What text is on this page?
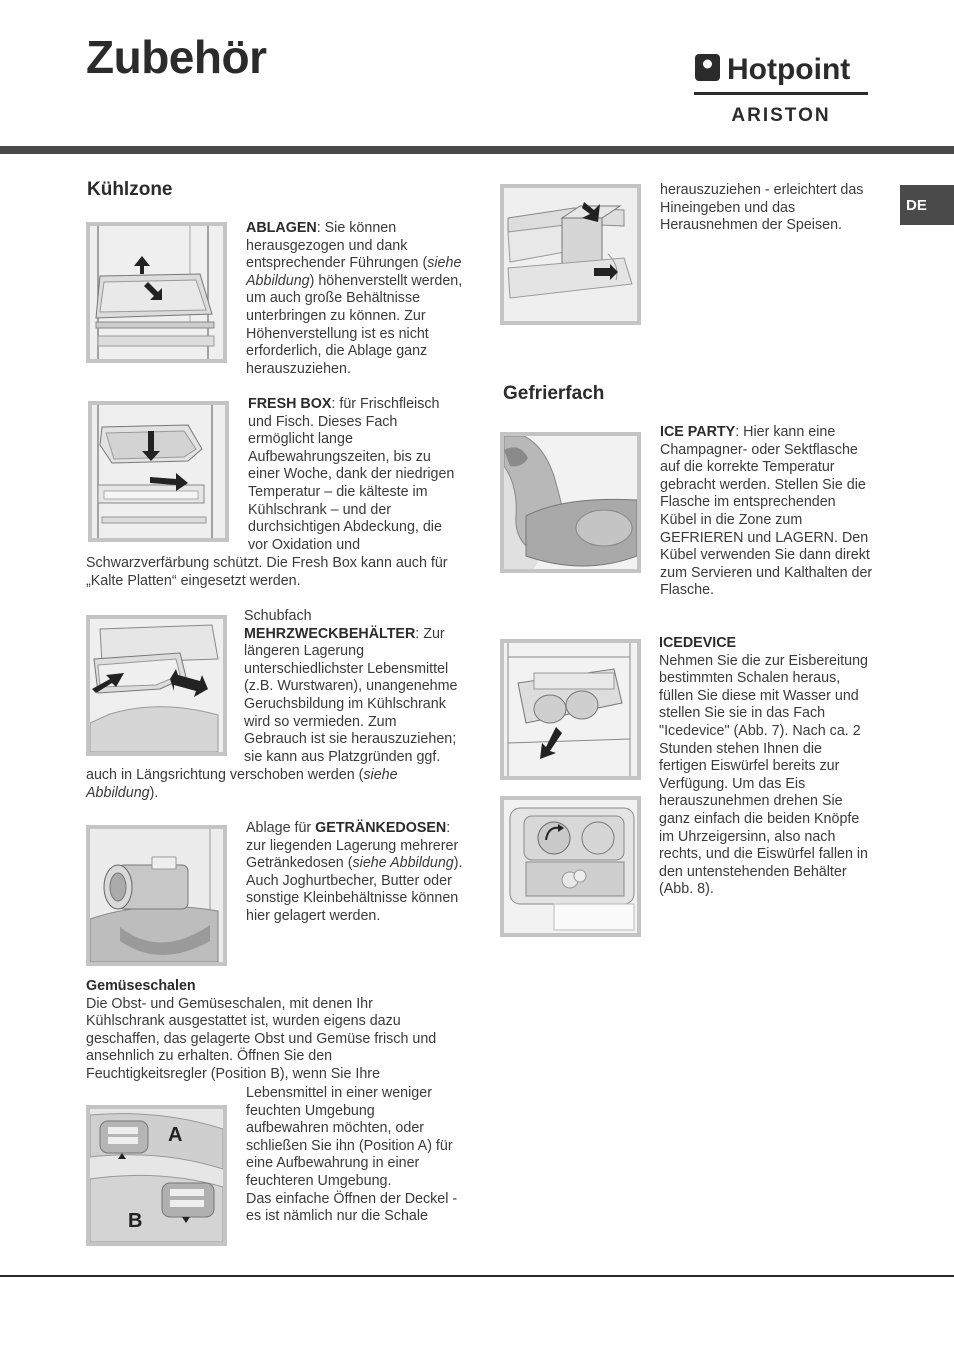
Zubehör	Hotpoint
ARISTON
DE
Kühlzone
ABLAGEN: Sie können
herausgezogen und dank
entsprechender Führungen (siehe
Abbildung) höhenverstellt werden,
um auch große Behältnisse
unterbringen zu können. Zur
Höhenverstellung ist es nicht
erforderlich, die Ablage ganz
herauszuziehen.
FRESH BOX: für Frischfleisch
und Fisch. Dieses Fach
ermöglicht lange
Aufbewahrungszeiten, bis zu
einer Woche, dank der niedrigen
Temperatur – die kälteste im
Kühlschrank – und der
durchsichtigen Abdeckung, die
vor Oxidation und
Schwarzverfärbung schützt. Die Fresh Box kann auch für
„Kalte Platten“ eingesetzt werden.
Schubfach
MEHRZWECKBEHÄLTER: Zur
längeren Lagerung
unterschiedlichster Lebensmittel
(z.B. Wurstwaren), unangenehme
Geruchsbildung im Kühlschrank
wird so vermieden. Zum
Gebrauch ist sie herauszuziehen;
sie kann aus Platzgründen ggf.
auch in Längsrichtung verschoben werden (siehe
Abbildung).
Ablage für GETRÄNKEDOSEN:
zur liegenden Lagerung mehrerer
Getränkedosen (siehe Abbildung).
Auch Joghurtbecher, Butter oder
sonstige Kleinbehältnisse können
hier gelagert werden.
Gemüseschalen
Die Obst- und Gemüseschalen, mit denen Ihr
Kühlschrank ausgestattet ist, wurden eigens dazu
geschaffen, das gelagerte Obst und Gemüse frisch und
ansehnlich zu erhalten. Öffnen Sie den
Feuchtigkeitsregler (Position B), wenn Sie Ihre
A
B
Lebensmittel in einer weniger
feuchten Umgebung
aufbewahren möchten, oder
schließen Sie ihn (Position A) für
eine Aufbewahrung in einer
feuchteren Umgebung.
Das einfache Öffnen der Deckel -
es ist nämlich nur die Schale
herauszuziehen - erleichtert das
Hineingeben und das
Herausnehmen der Speisen.
Gefrierfach
ICE PARTY: Hier kann eine
Champagner- oder Sektflasche
auf die korrekte Temperatur
gebracht werden. Stellen Sie die
Flasche im entsprechenden
Kübel in die Zone zum
GEFRIEREN und LAGERN. Den
Kübel verwenden Sie dann direkt
zum Servieren und Kalthalten der
Flasche.
ICEDEVICE
Nehmen Sie die zur Eisbereitung
bestimmten Schalen heraus,
füllen Sie diese mit Wasser und
stellen Sie sie in das Fach
"Icedevice" (Abb. 7). Nach ca. 2
Stunden stehen Ihnen die
fertigen Eiswürfel bereits zur
Verfügung. Um das Eis
herauszunehmen drehen Sie
ganz einfach die beiden Knöpfe
im Uhrzeigersinn, also nach
rechts, und die Eiswürfel fallen in
den untenstehenden Behälter
(Abb. 8).
